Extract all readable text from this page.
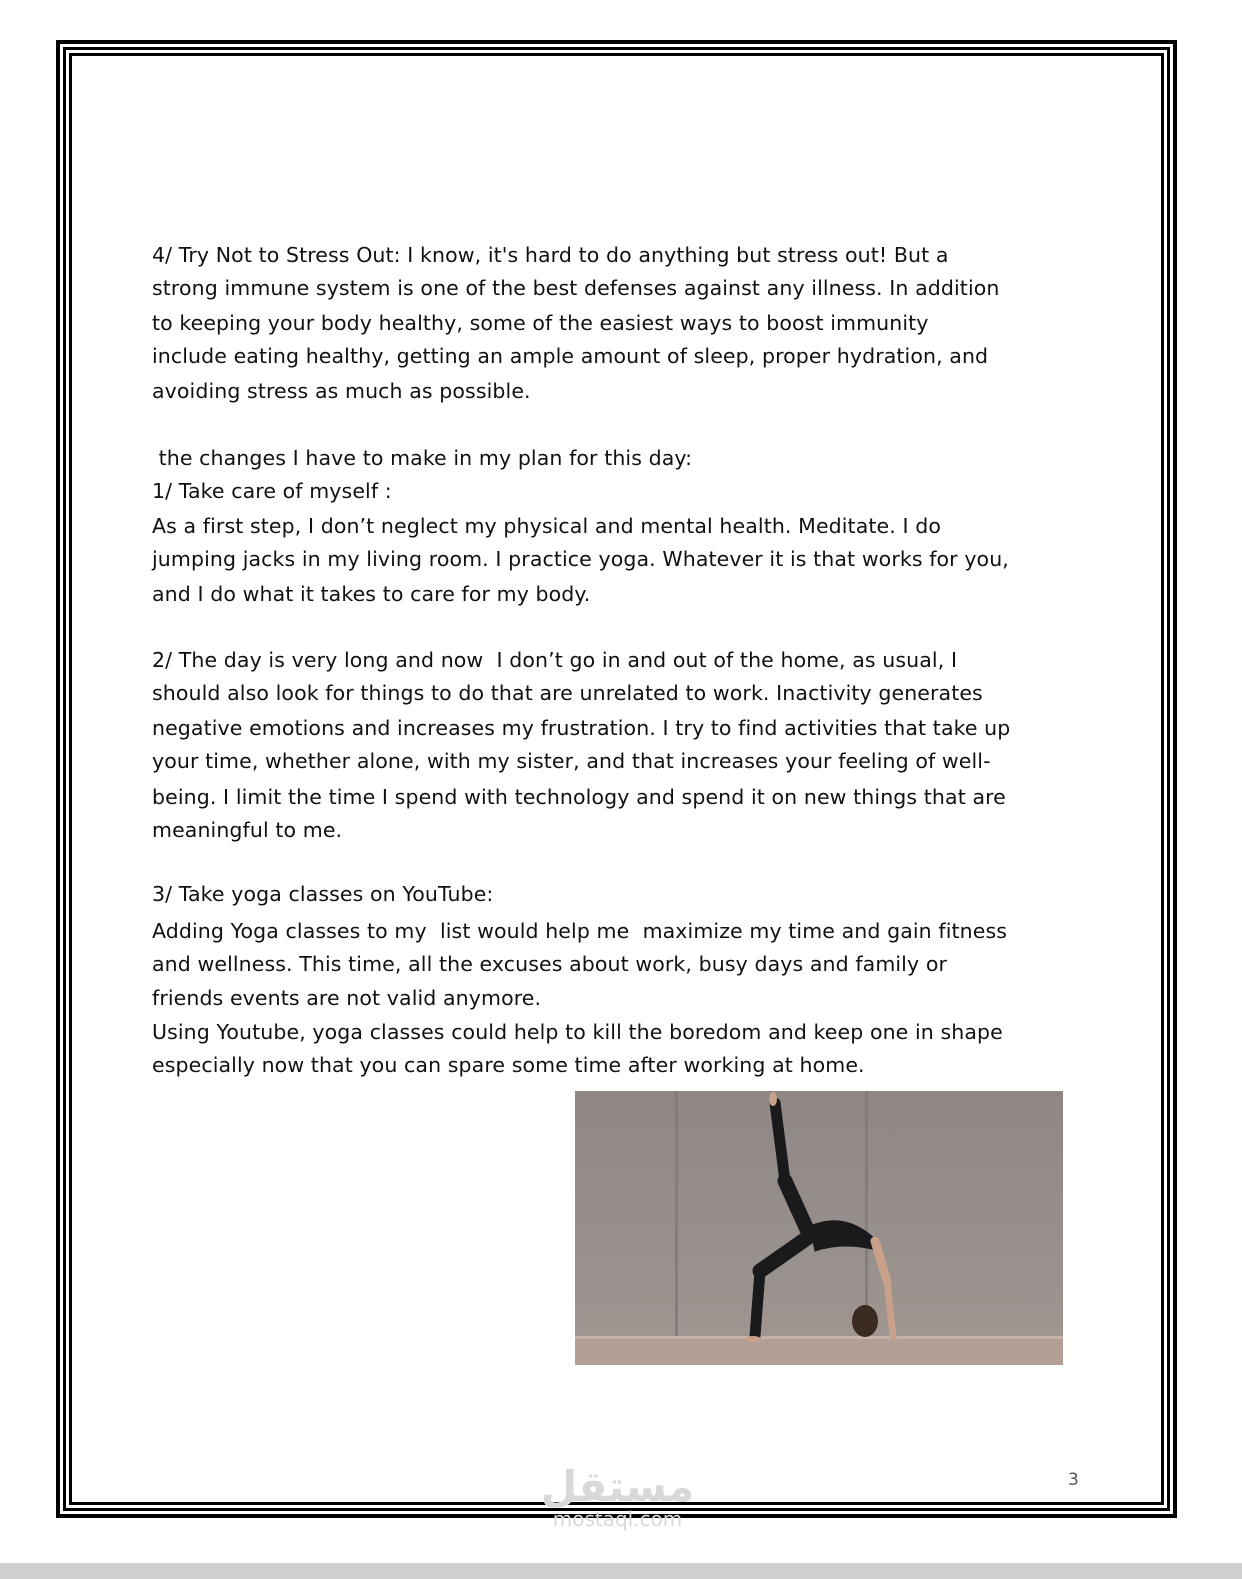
4/ Try Not to Stress Out: I know, it's hard to do anything but stress out! But a
strong immune system is one of the best defenses against any illness. In addition
to keeping your body healthy, some of the easiest ways to boost immunity
include eating healthy, getting an ample amount of sleep, proper hydration, and
avoiding stress as much as possible.
the changes I have to make in my plan for this day:
1/ Take care of myself :
As a first step, I don’t neglect my physical and mental health. Meditate. I do
jumping jacks in my living room. I practice yoga. Whatever it is that works for you,
and I do what it takes to care for my body.
2/ The day is very long and now  I don’t go in and out of the home, as usual, I
should also look for things to do that are unrelated to work. Inactivity generates
negative emotions and increases my frustration. I try to find activities that take up
your time, whether alone, with my sister, and that increases your feeling of well-
being. I limit the time I spend with technology and spend it on new things that are
meaningful to me.
3/ Take yoga classes on YouTube:
Adding Yoga classes to my  list would help me  maximize my time and gain fitness
and wellness. This time, all the excuses about work, busy days and family or
friends events are not valid anymore.
Using Youtube, yoga classes could help to kill the boredom and keep one in shape
especially now that you can spare some time after working at home.
مستقل
mostaql.com
3
